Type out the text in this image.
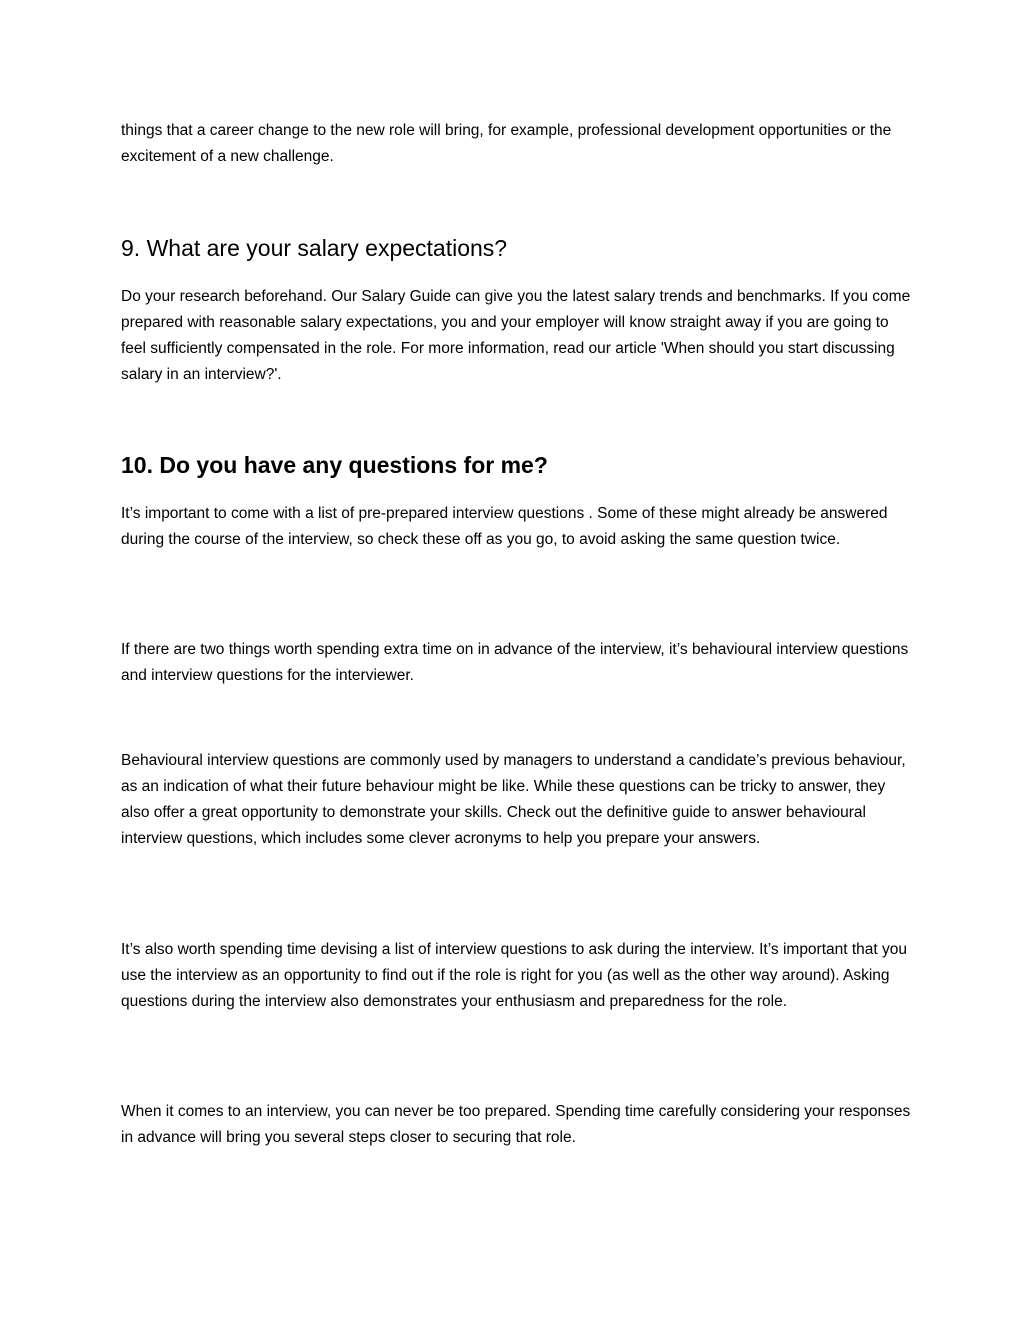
things that a career change to the new role will bring, for example, professional development opportunities or the excitement of a new challenge.

9. What are your salary expectations?

Do your research beforehand. Our Salary Guide can give you the latest salary trends and benchmarks. If you come prepared with reasonable salary expectations, you and your employer will know straight away if you are going to feel sufficiently compensated in the role. For more information, read our article 'When should you start discussing salary in an interview?'.

10. Do you have any questions for me?

It’s important to come with a list of pre-prepared interview questions . Some of these might already be answered during the course of the interview, so check these off as you go, to avoid asking the same question twice.

If there are two things worth spending extra time on in advance of the interview, it’s behavioural interview questions and interview questions for the interviewer.

Behavioural interview questions are commonly used by managers to understand a candidate’s previous behaviour, as an indication of what their future behaviour might be like. While these questions can be tricky to answer, they also offer a great opportunity to demonstrate your skills. Check out the definitive guide to answer behavioural interview questions, which includes some clever acronyms to help you prepare your answers.

It’s also worth spending time devising a list of interview questions to ask during the interview. It’s important that you use the interview as an opportunity to find out if the role is right for you (as well as the other way around). Asking questions during the interview also demonstrates your enthusiasm and preparedness for the role.

When it comes to an interview, you can never be too prepared. Spending time carefully considering your responses in advance will bring you several steps closer to securing that role.
